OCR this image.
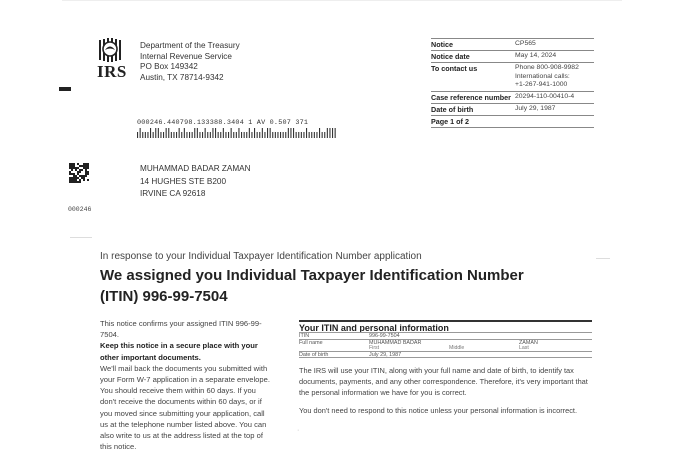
IRS
Department of the Treasury
Internal Revenue Service
PO Box 149342
Austin, TX 78714-9342
Notice	CP565
Notice date	May 14, 2024
To contact us	Phone 800-908-9982
International calls:
+1-267-941-1000
Case reference number 20294-110-00410-4
Date of birth	July 29, 1987
Page 1 of 2
000246.440798.133388.3404 1 AV 0.507 371
000246
MUHAMMAD BADAR ZAMAN
14 HUGHES STE B200
IRVINE CA 92618
In response to your Individual Taxpayer Identification Number application
We assigned you Individual Taxpayer Identification Number
(ITIN) 996-99-7504
This notice confirms your assigned ITIN 996-99-7504.
Keep this notice in a secure place with your other important documents.
We'll mail back the documents you submitted with your Form W-7 application in a separate envelope. You should receive them within 60 days. If you don't receive the documents within 60 days, or if you moved since submitting your application, call us at the telephone number listed above. You can also write to us at the address listed at the top of this notice.
Your ITIN and personal information
ITIN	996-99-7504
Full name	MUHAMMAD BADAR	ZAMAN
First	Middle	Last
Date of birth	July 29, 1987
The IRS will use your ITIN, along with your full name and date of birth, to identify tax documents, payments, and any other correspondence. Therefore, it's very important that the personal information we have for you is correct.
You don't need to respond to this notice unless your personal information is incorrect.
·
